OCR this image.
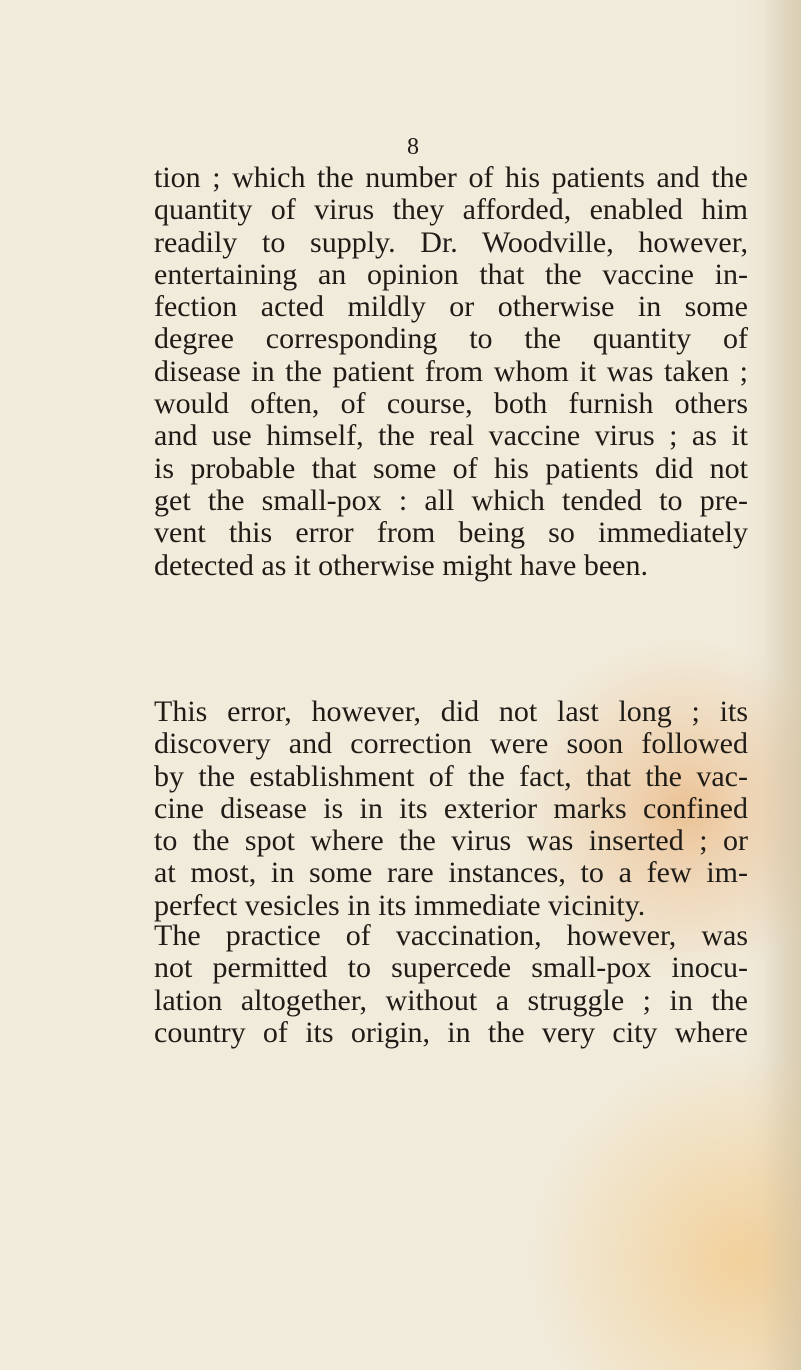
8
tion ; which the number of his patients and the
quantity of virus they afforded, enabled him
readily to supply. Dr. Woodville, however,
entertaining an opinion that the vaccine in-
fection acted mildly or otherwise in some
degree corresponding to the quantity of
disease in the patient from whom it was taken ;
would often, of course, both furnish others
and use himself, the real vaccine virus ; as it
is probable that some of his patients did not
get the small-pox : all which tended to pre-
vent this error from being so immediately
detected as it otherwise might have been.
This error, however, did not last long ; its
discovery and correction were soon followed
by the establishment of the fact, that the vac-
cine disease is in its exterior marks confined
to the spot where the virus was inserted ; or
at most, in some rare instances, to a few im-
perfect vesicles in its immediate vicinity.
The practice of vaccination, however, was
not permitted to supercede small-pox inocu-
lation altogether, without a struggle ; in the
country of its origin, in the very city where
